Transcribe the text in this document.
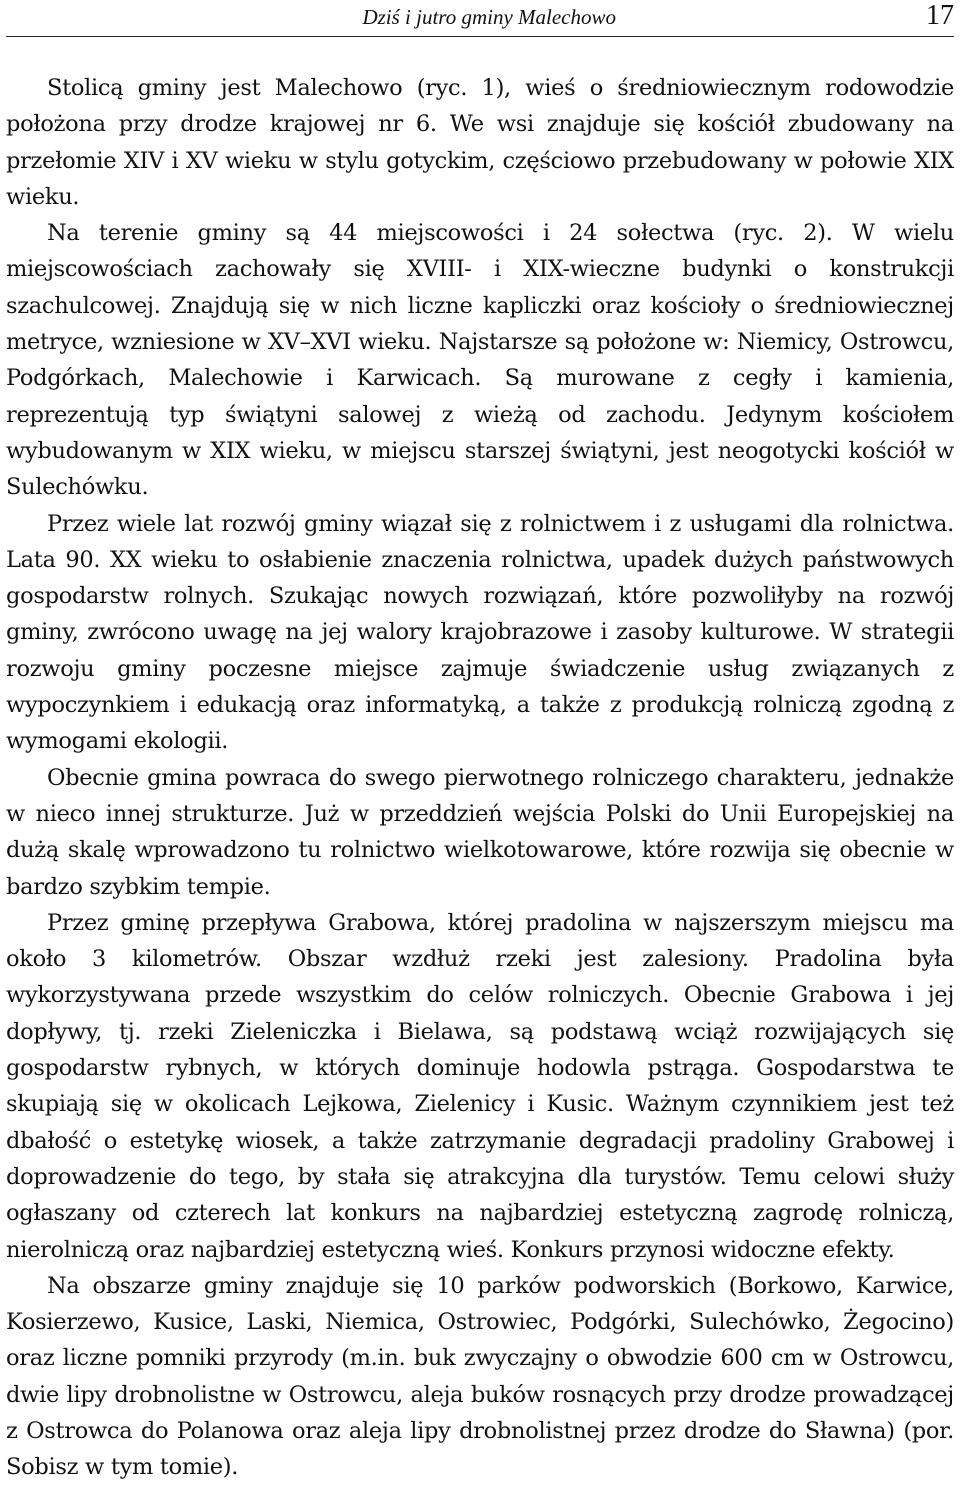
Dziś i jutro gminy Malechowo	17

Stolicą gminy jest Malechowo (ryc. 1), wieś o średniowiecznym rodowodzie położona przy drodze krajowej nr 6. We wsi znajduje się kościół zbudowany na przełomie XIV i XV wieku w stylu gotyckim, częściowo przebudowany w połowie XIX wieku.

Na terenie gminy są 44 miejscowości i 24 sołectwa (ryc. 2). W wielu miejscowościach zachowały się XVIII- i XIX-wieczne budynki o konstrukcji szachulcowej. Znajdują się w nich liczne kapliczki oraz kościoły o średniowiecznej metryce, wzniesione w XV–XVI wieku. Najstarsze są położone w: Niemicy, Ostrowcu, Podgórkach, Malechowie i Karwicach. Są murowane z cegły i kamienia, reprezentują typ świątyni salowej z wieżą od zachodu. Jedynym kościołem wybudowanym w XIX wieku, w miejscu starszej świątyni, jest neogotycki kościół w Sulechówku.

Przez wiele lat rozwój gminy wiązał się z rolnictwem i z usługami dla rolnictwa. Lata 90. XX wieku to osłabienie znaczenia rolnictwa, upadek dużych państwowych gospodarstw rolnych. Szukając nowych rozwiązań, które pozwoliłyby na rozwój gminy, zwrócono uwagę na jej walory krajobrazowe i zasoby kulturowe. W strategii rozwoju gminy poczesne miejsce zajmuje świadczenie usług związanych z wypoczynkiem i edukacją oraz informatyką, a także z produkcją rolniczą zgodną z wymogami ekologii.

Obecnie gmina powraca do swego pierwotnego rolniczego charakteru, jednakże w nieco innej strukturze. Już w przeddzień wejścia Polski do Unii Europejskiej na dużą skalę wprowadzono tu rolnictwo wielkotowarowe, które rozwija się obecnie w bardzo szybkim tempie.

Przez gminę przepływa Grabowa, której pradolina w najszerszym miejscu ma około 3 kilometrów. Obszar wzdłuż rzeki jest zalesiony. Pradolina była wykorzystywana przede wszystkim do celów rolniczych. Obecnie Grabowa i jej dopływy, tj. rzeki Zieleniczka i Bielawa, są podstawą wciąż rozwijających się gospodarstw rybnych, w których dominuje hodowla pstrąga. Gospodarstwa te skupiają się w okolicach Lejkowa, Zielenicy i Kusic. Ważnym czynnikiem jest też dbałość o estetykę wiosek, a także zatrzymanie degradacji pradoliny Grabowej i doprowadzenie do tego, by stała się atrakcyjna dla turystów. Temu celowi służy ogłaszany od czterech lat konkurs na najbardziej estetyczną zagrodę rolniczą, nierolniczą oraz najbardziej estetyczną wieś. Konkurs przynosi widoczne efekty.

Na obszarze gminy znajduje się 10 parków podworskich (Borkowo, Karwice, Kosierzewo, Kusice, Laski, Niemica, Ostrowiec, Podgórki, Sulechówko, Żegocino) oraz liczne pomniki przyrody (m.in. buk zwyczajny o obwodzie 600 cm w Ostrowcu, dwie lipy drobnolistne w Ostrowcu, aleja buków rosnących przy drodze prowadzącej z Ostrowca do Polanowa oraz aleja lipy drobnolistnej przez drodze do Sławna) (por. Sobisz w tym tomie).
